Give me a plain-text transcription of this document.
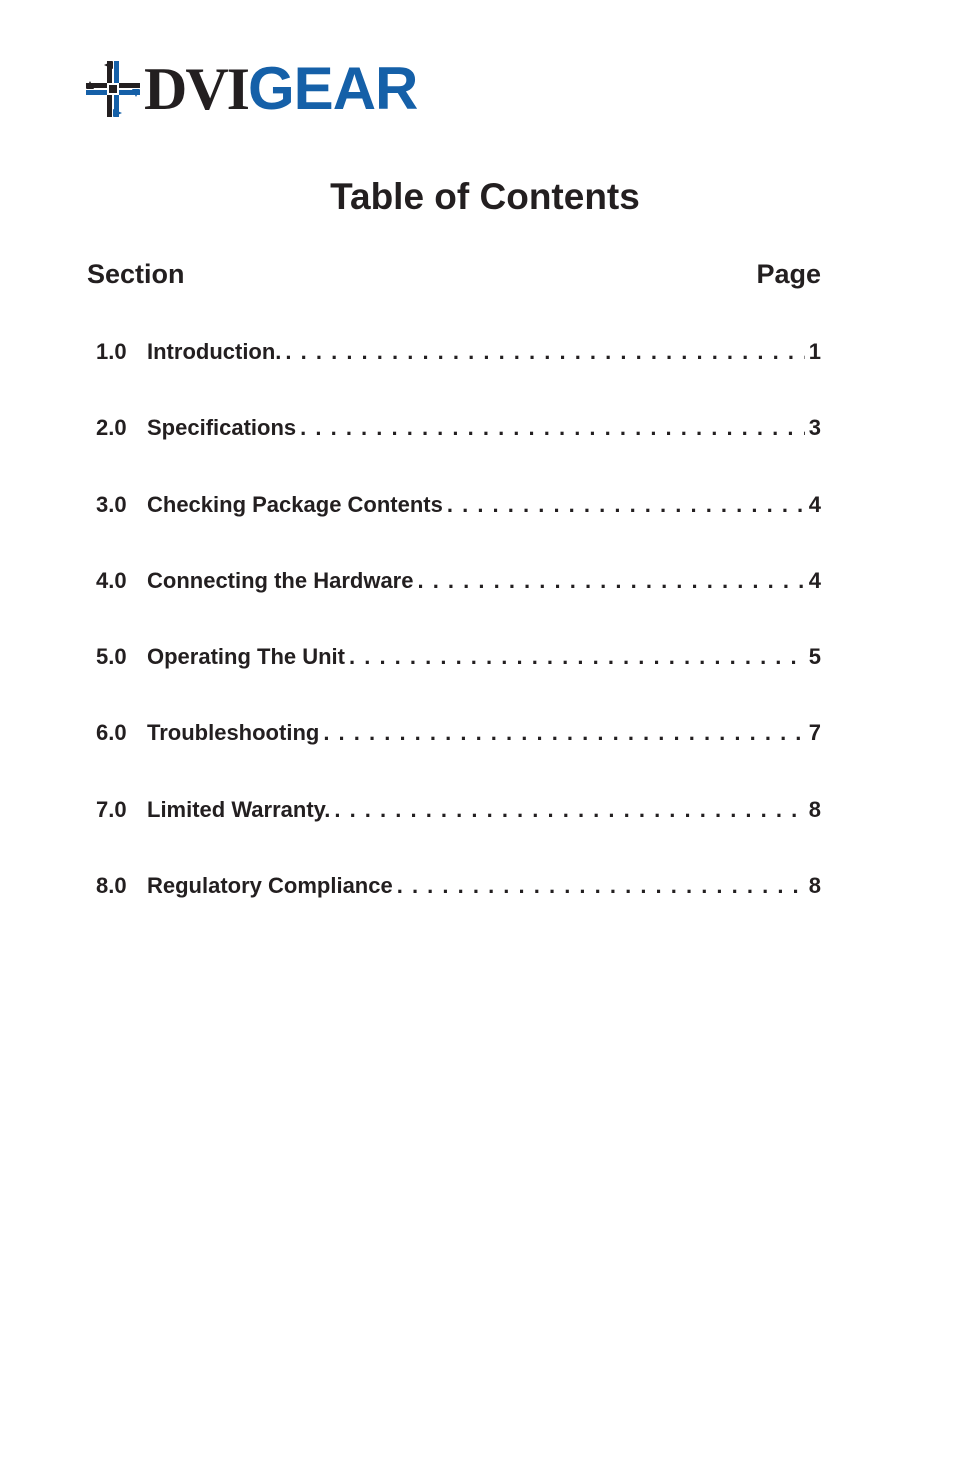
DVIGEAR
Table of Contents
Section	Page
1.0 Introduction. . . .	1
2.0 Specifications . . .	3
3.0 Checking Package Contents . . .	4
4.0 Connecting the Hardware . . .	4
5.0 Operating The Unit . . .	5
6.0 Troubleshooting . . .	7
7.0 Limited Warranty. . . .	8
8.0 Regulatory Compliance . . .	8
